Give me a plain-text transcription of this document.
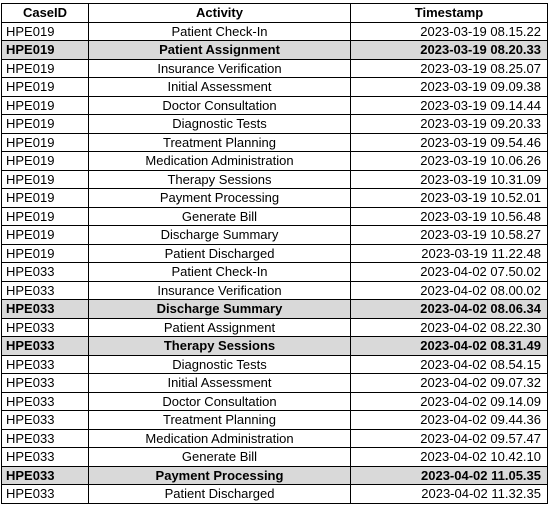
CaseID	Activity	Timestamp
HPE019	Patient Check-In	2023-03-19 08.15.22
HPE019	Patient Assignment	2023-03-19 08.20.33
HPE019	Insurance Verification	2023-03-19 08.25.07
HPE019	Initial Assessment	2023-03-19 09.09.38
HPE019	Doctor Consultation	2023-03-19 09.14.44
HPE019	Diagnostic Tests	2023-03-19 09.20.33
HPE019	Treatment Planning	2023-03-19 09.54.46
HPE019	Medication Administration	2023-03-19 10.06.26
HPE019	Therapy Sessions	2023-03-19 10.31.09
HPE019	Payment Processing	2023-03-19 10.52.01
HPE019	Generate Bill	2023-03-19 10.56.48
HPE019	Discharge Summary	2023-03-19 10.58.27
HPE019	Patient Discharged	2023-03-19 11.22.48
HPE033	Patient Check-In	2023-04-02 07.50.02
HPE033	Insurance Verification	2023-04-02 08.00.02
HPE033	Discharge Summary	2023-04-02 08.06.34
HPE033	Patient Assignment	2023-04-02 08.22.30
HPE033	Therapy Sessions	2023-04-02 08.31.49
HPE033	Diagnostic Tests	2023-04-02 08.54.15
HPE033	Initial Assessment	2023-04-02 09.07.32
HPE033	Doctor Consultation	2023-04-02 09.14.09
HPE033	Treatment Planning	2023-04-02 09.44.36
HPE033	Medication Administration	2023-04-02 09.57.47
HPE033	Generate Bill	2023-04-02 10.42.10
HPE033	Payment Processing	2023-04-02 11.05.35
HPE033	Patient Discharged	2023-04-02 11.32.35
